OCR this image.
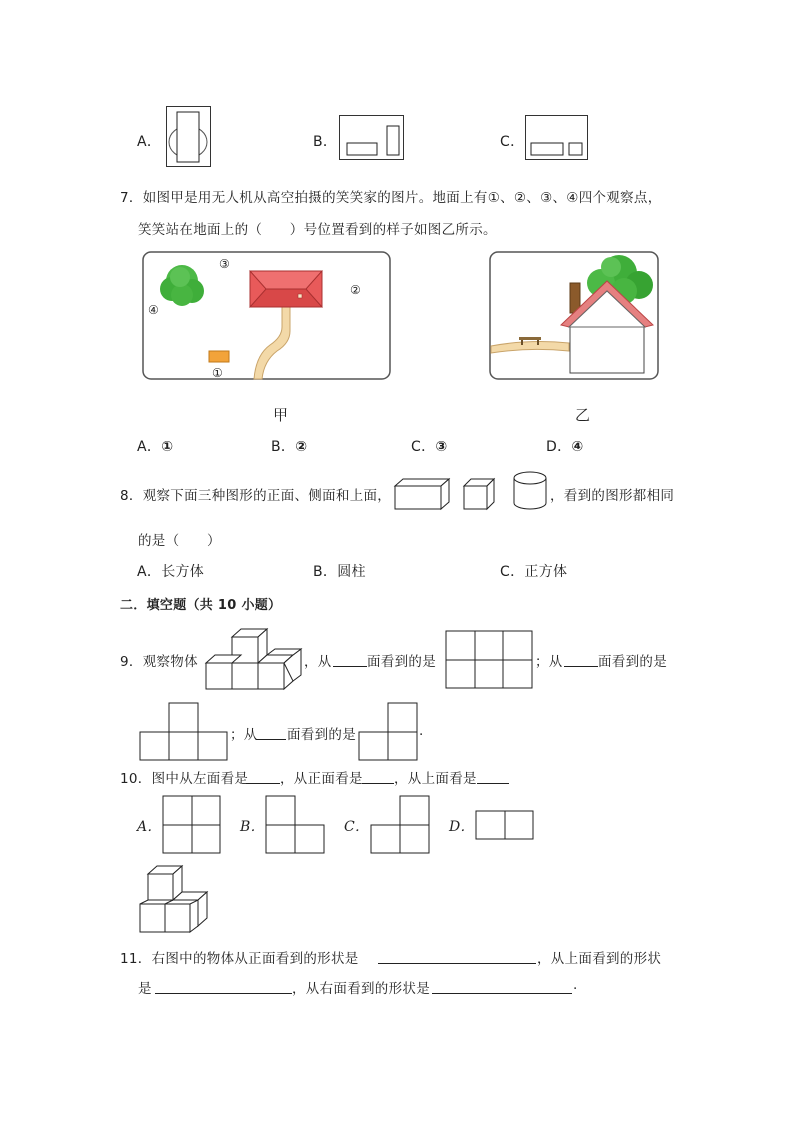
A．	B．	C．
7．如图甲是用无人机从高空拍摄的笑笑家的图片。地面上有①、②、③、④四个观察点，
笑笑站在地面上的（　　）号位置看到的样子如图乙所示。
①
②
③
④
甲	乙
A．①	B．②	C．③	D．④
8．观察下面三种图形的正面、侧面和上面，	，看到的图形都相同
的是（　　）
A．长方体	B．圆柱	C．正方体
二．填空题（共 10 小题）
9．观察物体	，从	面看到的是	；从	面看到的是
；从 面看到的是	.
10．图中从左面看是 ，从正面看是 ，从上面看是
A．	B．	C．	D．
11．右图中的物体从正面看到的形状是	，从上面看到的形状
是	，从右面看到的形状是	.
